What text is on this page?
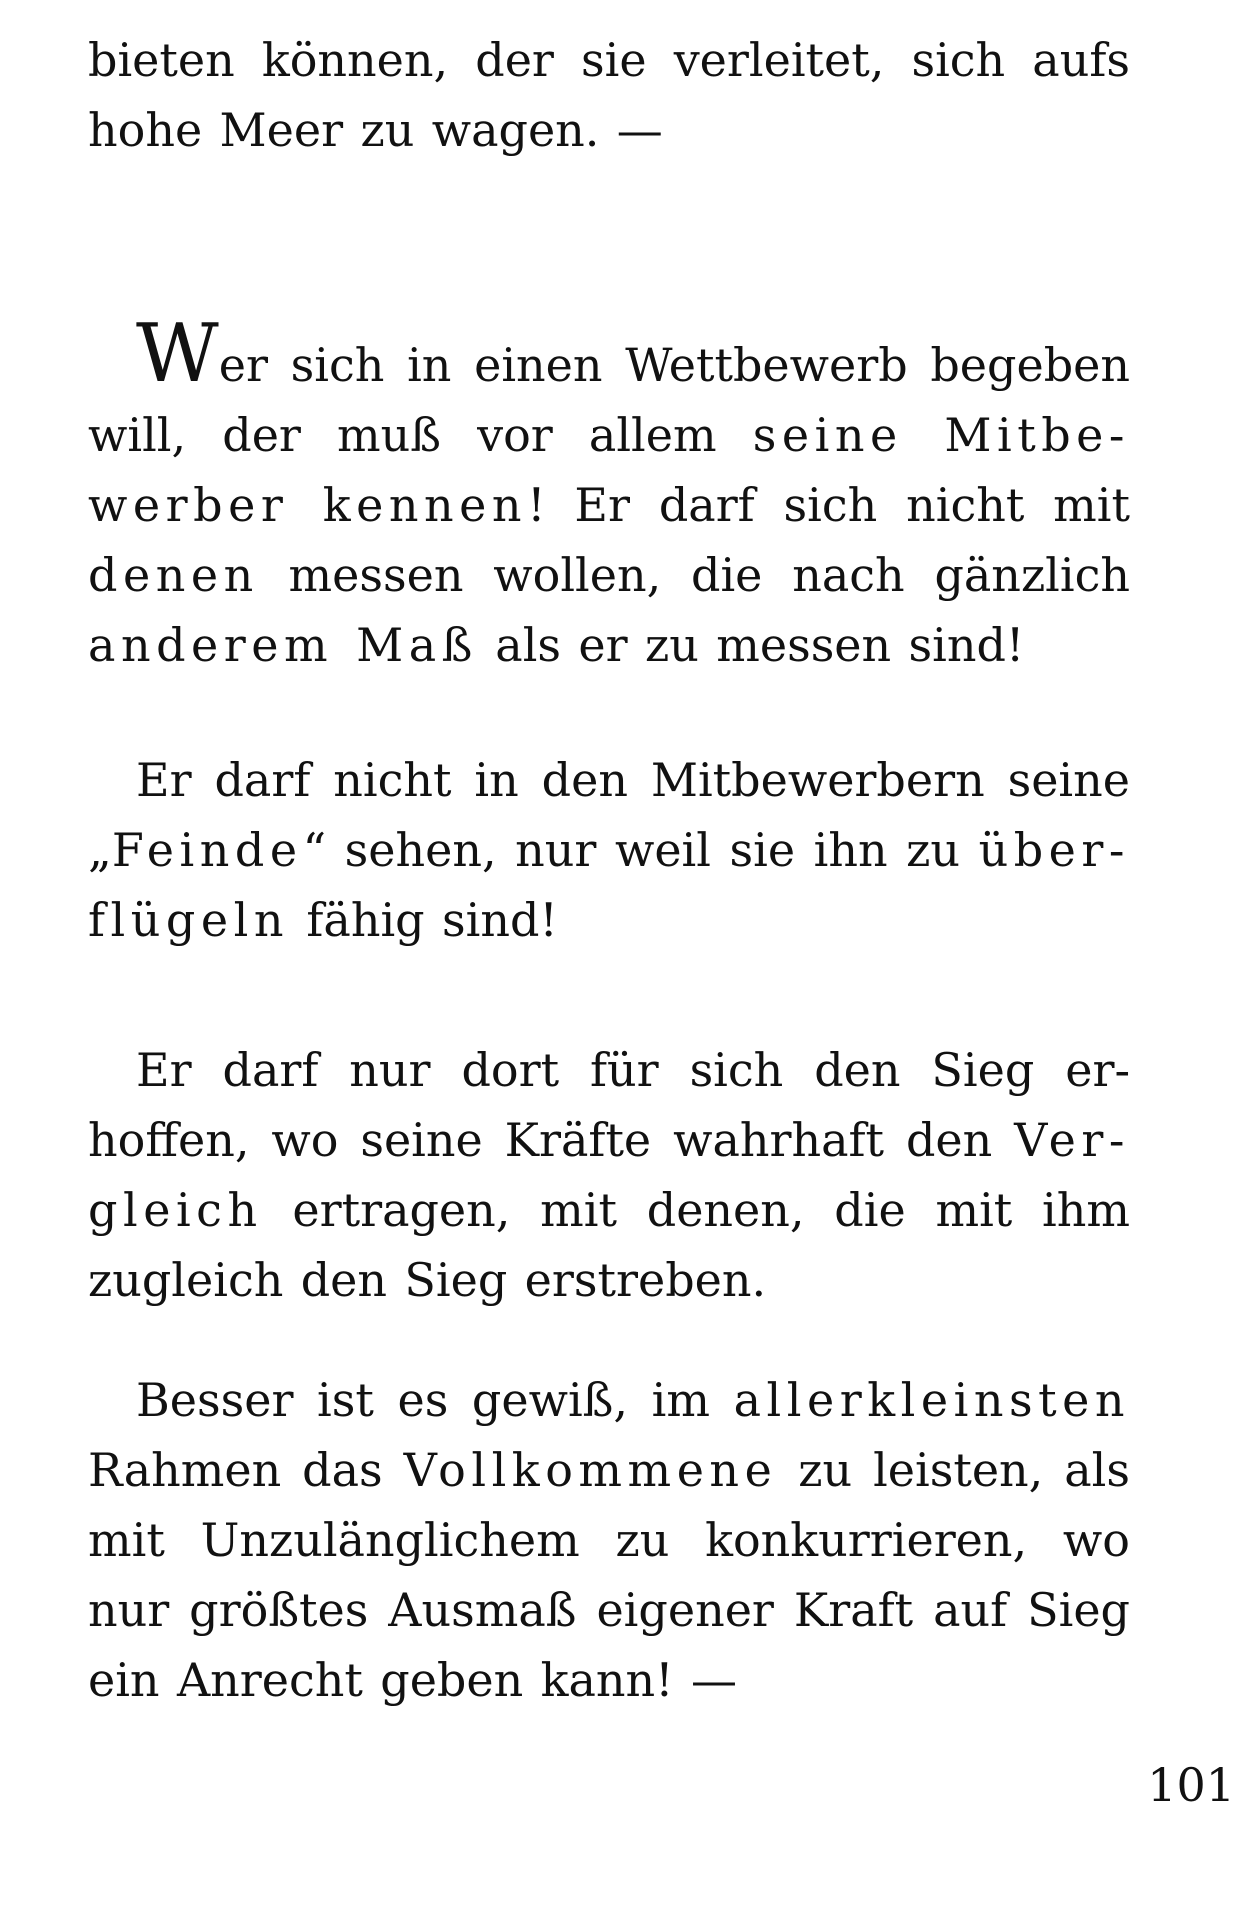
bieten können, der sie verleitet, sich aufs
hohe Meer zu wagen. —
Wer sich in einen Wettbewerb begeben
will, der muß vor allem seine Mitbe-
werber kennen! Er darf sich nicht mit
denen messen wollen, die nach gänzlich
anderem Maß als er zu messen sind!
Er darf nicht in den Mitbewerbern seine
„Feinde“ sehen, nur weil sie ihn zu über-
flügeln fähig sind!
Er darf nur dort für sich den Sieg er-
hoffen, wo seine Kräfte wahrhaft den Ver-
gleich ertragen, mit denen, die mit ihm
zugleich den Sieg erstreben.
Besser ist es gewiß, im allerkleinsten
Rahmen das Vollkommene zu leisten, als
mit Unzulänglichem zu konkurrieren, wo
nur größtes Ausmaß eigener Kraft auf Sieg
ein Anrecht geben kann! —
101
